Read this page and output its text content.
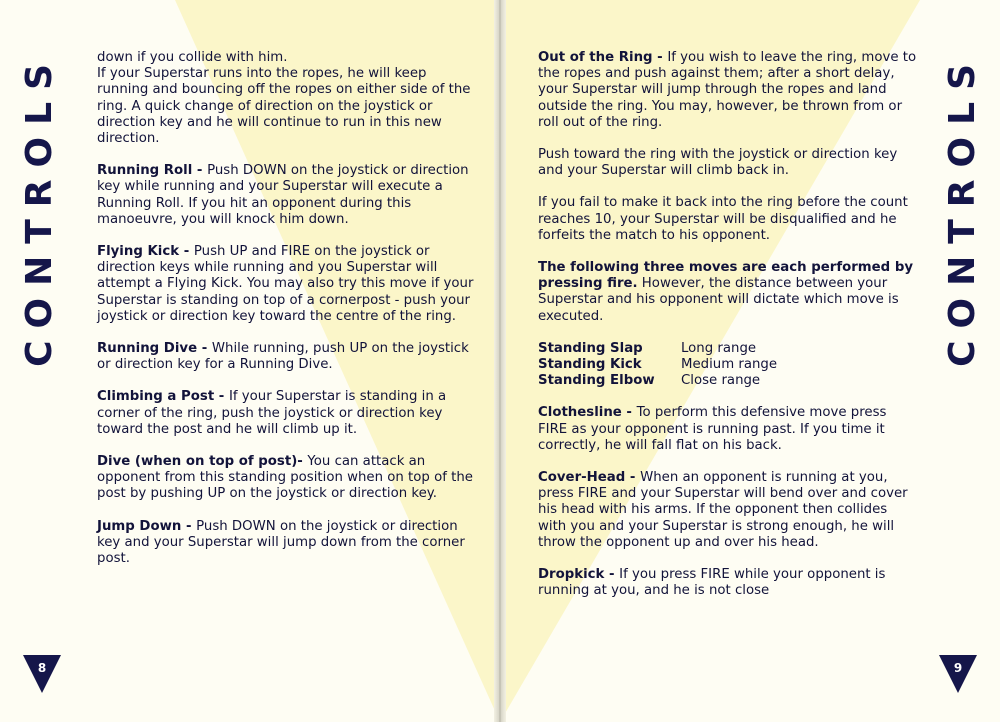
CONTROLS	down if you collide with him.
If your Superstar runs into the ropes, he will keep running and bouncing off the ropes on either side of the ring. A quick change of direction on the joystick or direction key and he will continue to run in this new direction.

Running Roll - Push DOWN on the joystick or direction key while running and your Superstar will execute a Running Roll. If you hit an opponent during this manoeuvre, you will knock him down.

Flying Kick - Push UP and FIRE on the joystick or direction keys while running and you Superstar will attempt a Flying Kick. You may also try this move if your Superstar is standing on top of a cornerpost - push your joystick or direction key toward the centre of the ring.

Running Dive - While running, push UP on the joystick or direction key for a Running Dive.

Climbing a Post - If your Superstar is standing in a corner of the ring, push the joystick or direction key toward the post and he will climb up it.

Dive (when on top of post)- You can attack an opponent from this standing position when on top of the post by pushing UP on the joystick or direction key.

Jump Down - Push DOWN on the joystick or direction key and your Superstar will jump down from the corner post.

8

Out of the Ring - If you wish to leave the ring, move to the ropes and push against them; after a short delay, your Superstar will jump through the ropes and land outside the ring. You may, however, be thrown from or roll out of the ring.

Push toward the ring with the joystick or direction key and your Superstar will climb back in.

If you fail to make it back into the ring before the count reaches 10, your Superstar will be disqualified and he forfeits the match to his opponent.

The following three moves are each performed by pressing fire. However, the distance between your Superstar and his opponent will dictate which move is executed.

Standing Slap	Long range
Standing Kick	Medium range
Standing Elbow	Close range

Clothesline - To perform this defensive move press FIRE as your opponent is running past. If you time it correctly, he will fall flat on his back.

Cover-Head - When an opponent is running at you, press FIRE and your Superstar will bend over and cover his head with his arms. If the opponent then collides with you and your Superstar is strong enough, he will throw the opponent up and over his head.

Dropkick - If you press FIRE while your opponent is running at you, and he is not close

CONTROLS
9
